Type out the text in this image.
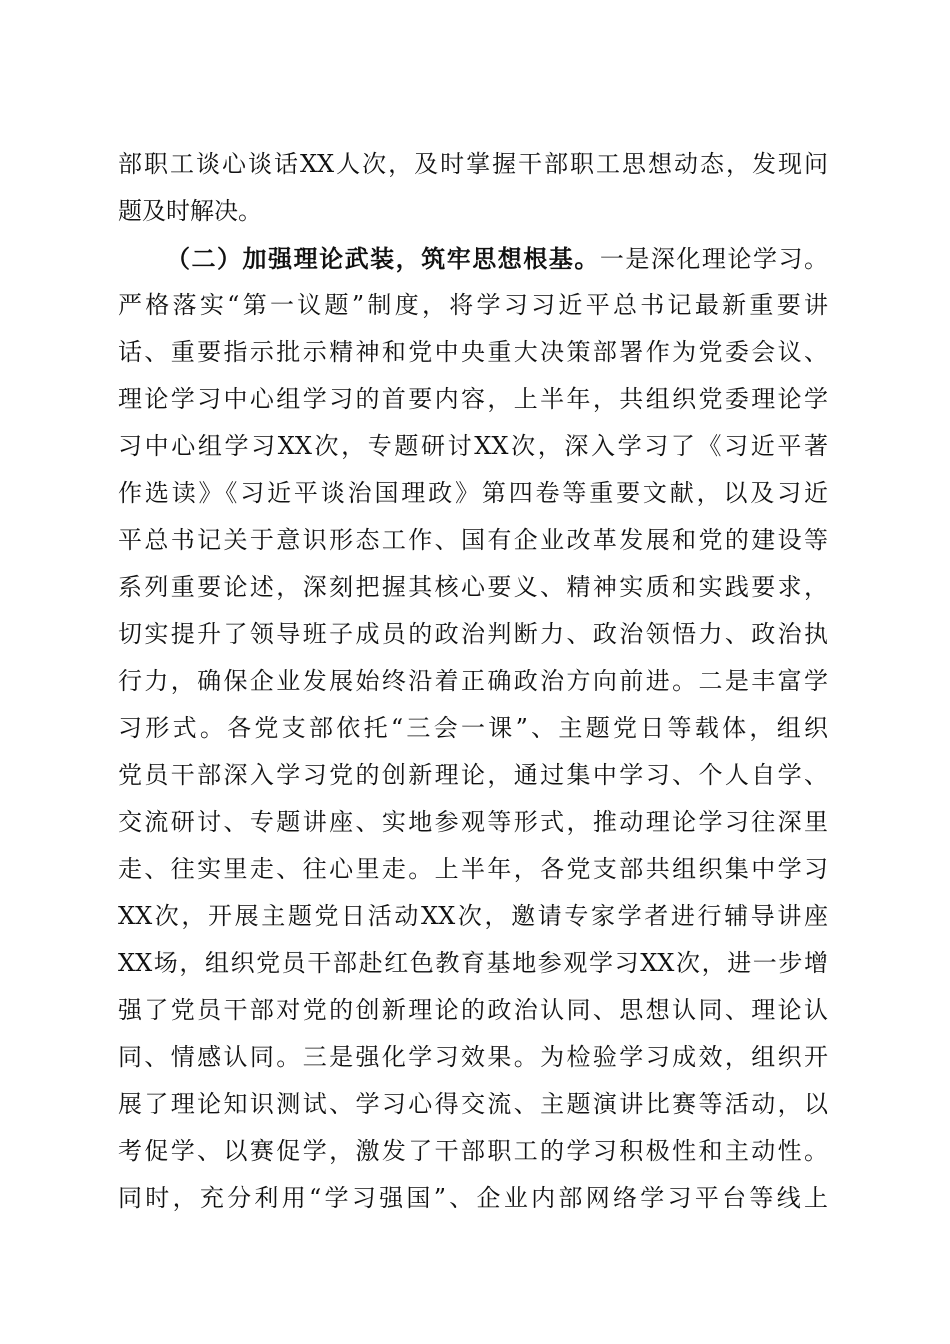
部职工谈心谈话XX人次，及时掌握干部职工思想动态，发现问
题及时解决。
（二）加强理论武装，筑牢思想根基。一是深化理论学习。
严格落实“第一议题”制度，将学习习近平总书记最新重要讲
话、重要指示批示精神和党中央重大决策部署作为党委会议、
理论学习中心组学习的首要内容，上半年，共组织党委理论学
习中心组学习XX次，专题研讨XX次，深入学习了《习近平著
作选读》《习近平谈治国理政》第四卷等重要文献，以及习近
平总书记关于意识形态工作、国有企业改革发展和党的建设等
系列重要论述，深刻把握其核心要义、精神实质和实践要求，
切实提升了领导班子成员的政治判断力、政治领悟力、政治执
行力，确保企业发展始终沿着正确政治方向前进。二是丰富学
习形式。各党支部依托“三会一课”、主题党日等载体，组织
党员干部深入学习党的创新理论，通过集中学习、个人自学、
交流研讨、专题讲座、实地参观等形式，推动理论学习往深里
走、往实里走、往心里走。上半年，各党支部共组织集中学习
XX次，开展主题党日活动XX次，邀请专家学者进行辅导讲座
XX场，组织党员干部赴红色教育基地参观学习XX次，进一步增
强了党员干部对党的创新理论的政治认同、思想认同、理论认
同、情感认同。三是强化学习效果。为检验学习成效，组织开
展了理论知识测试、学习心得交流、主题演讲比赛等活动，以
考促学、以赛促学，激发了干部职工的学习积极性和主动性。
同时，充分利用“学习强国”、企业内部网络学习平台等线上
